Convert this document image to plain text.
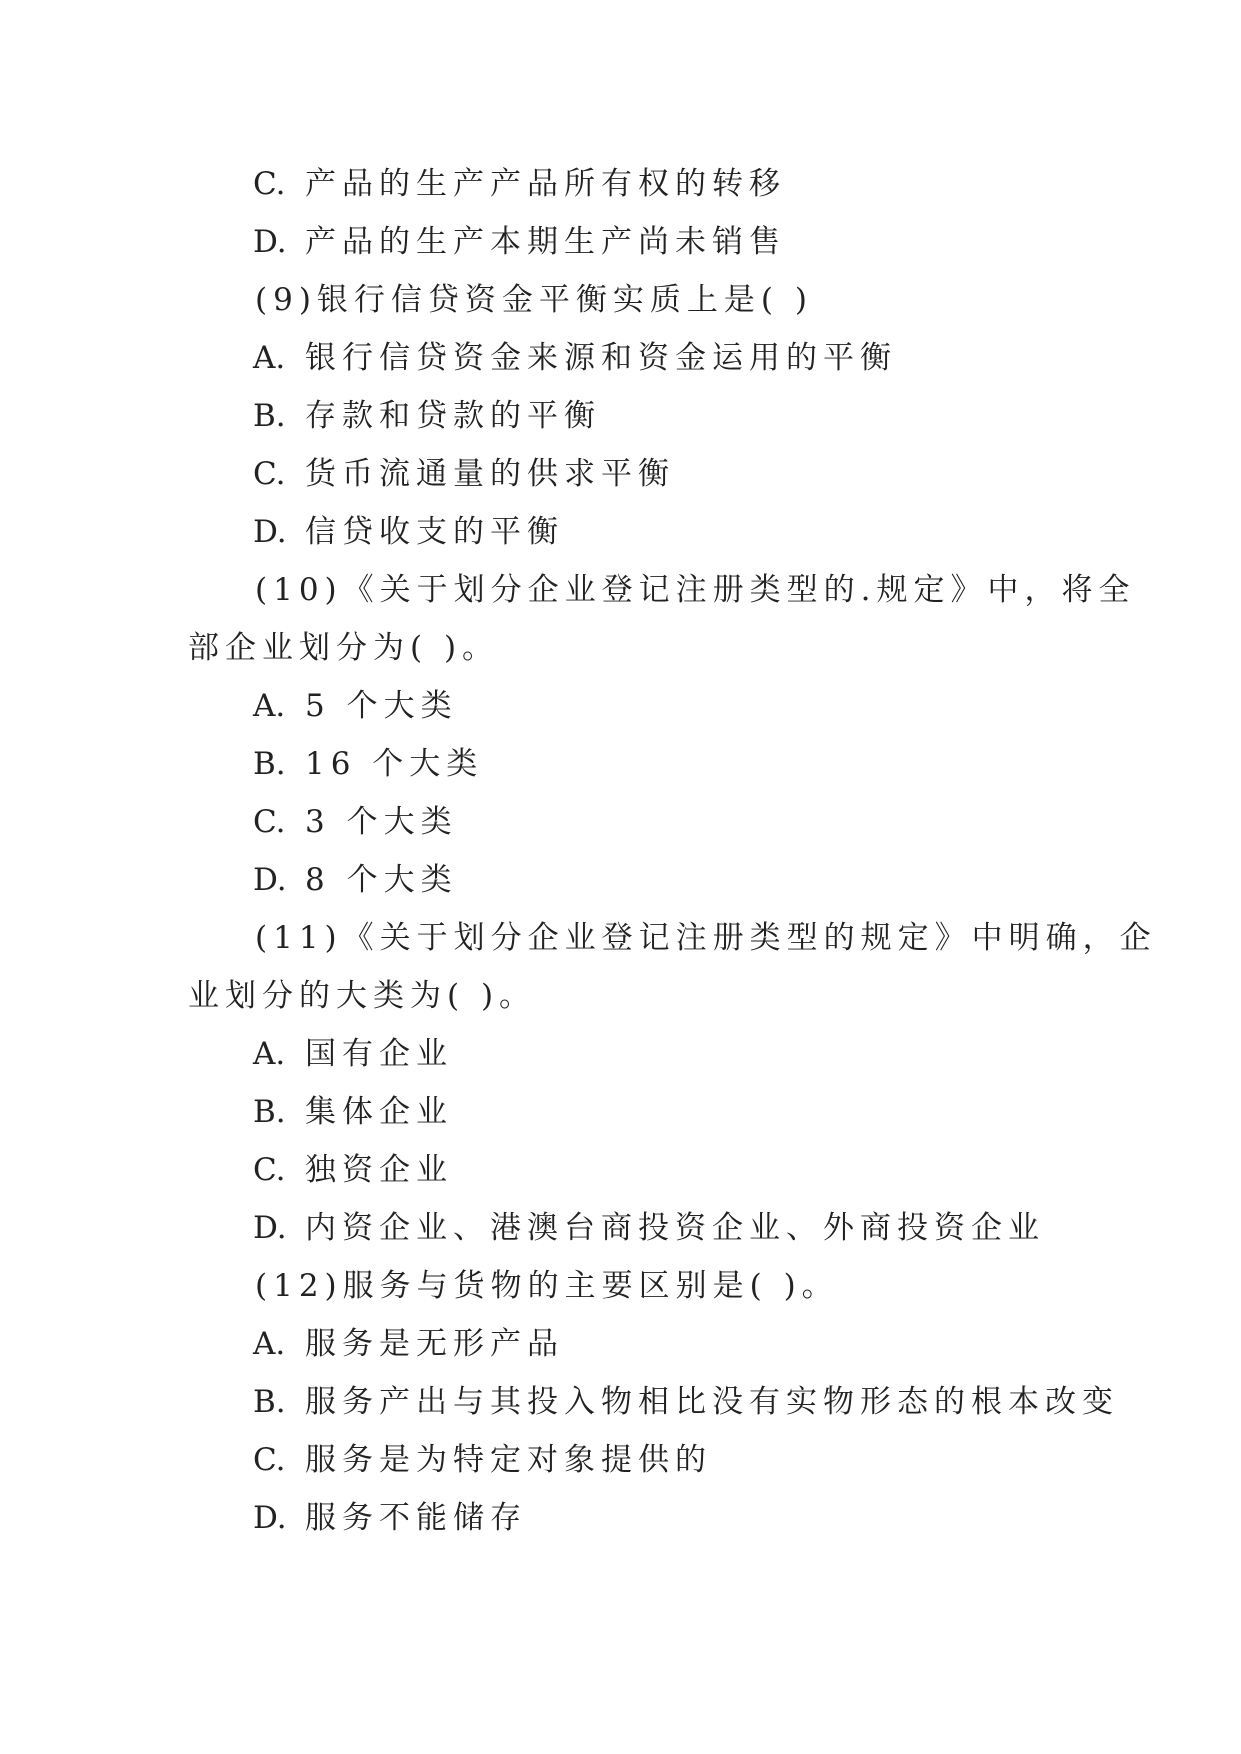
C. 产品的生产产品所有权的转移
D. 产品的生产本期生产尚未销售
(9)银行信贷资金平衡实质上是( )
A. 银行信贷资金来源和资金运用的平衡
B. 存款和贷款的平衡
C. 货币流通量的供求平衡
D. 信贷收支的平衡
(10)《关于划分企业登记注册类型的.规定》中，将全
部企业划分为( )。
A. 5 个大类
B. 16 个大类
C. 3 个大类
D. 8 个大类
(11)《关于划分企业登记注册类型的规定》中明确，企
业划分的大类为( )。
A. 国有企业
B. 集体企业
C. 独资企业
D. 内资企业、港澳台商投资企业、外商投资企业
(12)服务与货物的主要区别是( )。
A. 服务是无形产品
B. 服务产出与其投入物相比没有实物形态的根本改变
C. 服务是为特定对象提供的
D. 服务不能储存
